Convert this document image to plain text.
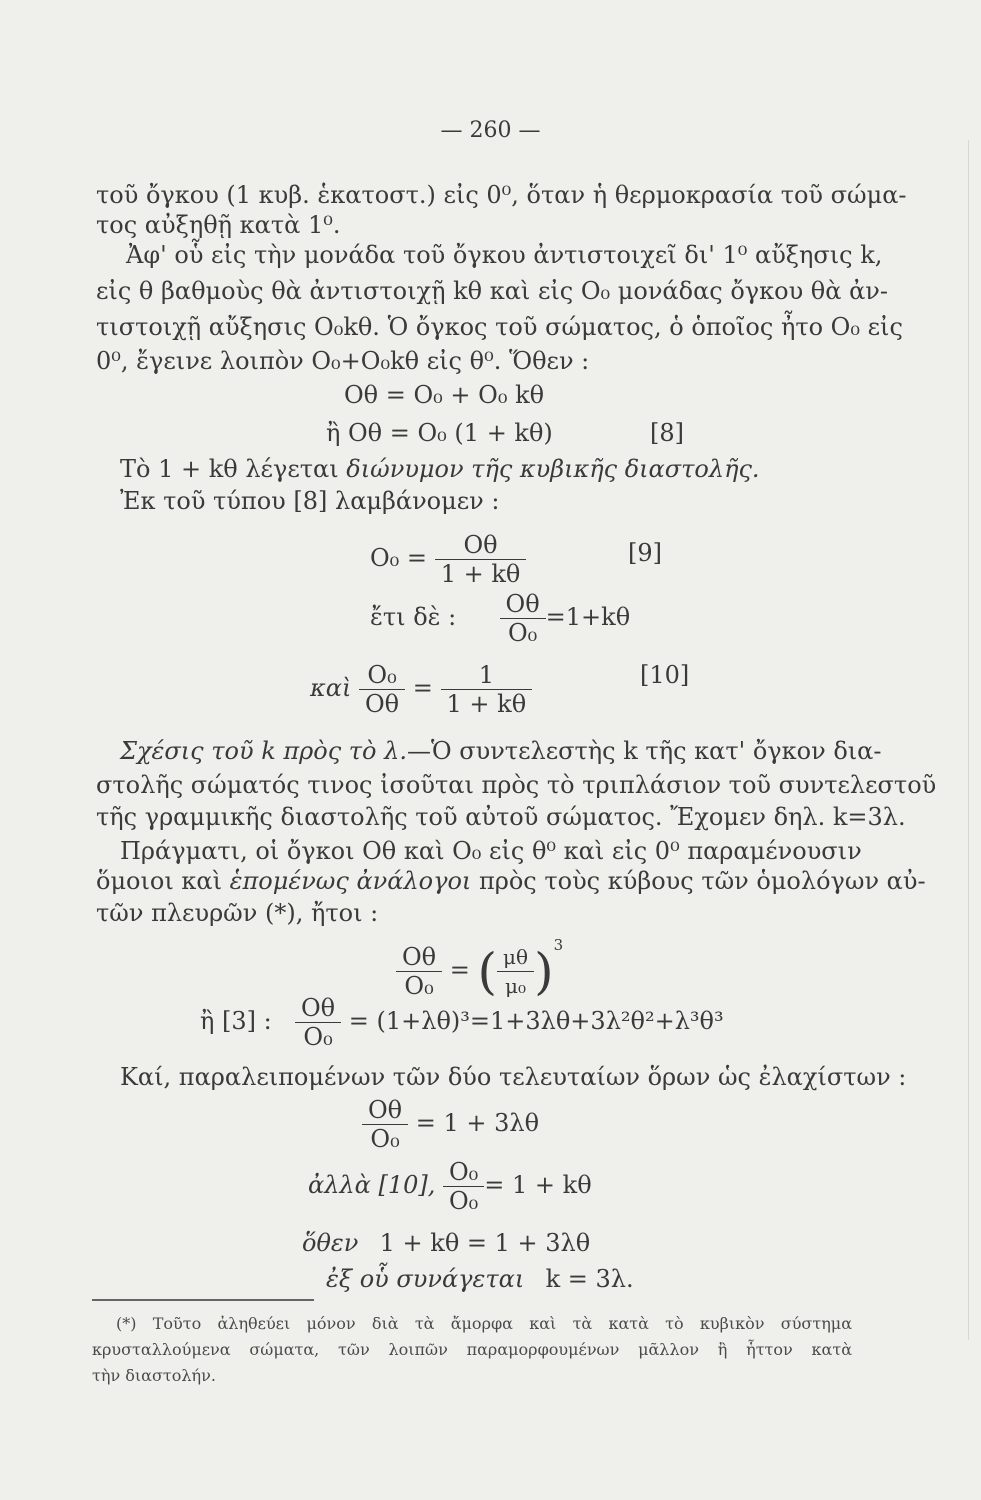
— 260 —
τοῦ ὄγκου (1 κυβ. ἑκατοστ.) εἰς 0⁰, ὅταν ἡ θερμοκρασία τοῦ σώμα-
τος αὐξηθῇ κατὰ 1⁰.
Ἀφ' οὗ εἰς τὴν μονάδα τοῦ ὄγκου ἀντιστοιχεῖ δι' 1⁰ αὔξησις k,
εἰς θ βαθμοὺς θὰ ἀντιστοιχῇ kθ καὶ εἰς O₀ μονάδας ὄγκου θὰ ἀν-
τιστοιχῇ αὔξησις O₀kθ. Ὁ ὄγκος τοῦ σώματος, ὁ ὁποῖος ἦτο O₀ εἰς
0⁰, ἔγεινε λοιπὸν O₀+O₀kθ εἰς θ⁰. Ὅθεν :
Oθ = O₀ + O₀ kθ
ἢ Oθ = O₀ (1 + kθ)	[8]
Τὸ 1 + kθ λέγεται διώνυμον τῆς κυβικῆς διαστολῆς.
Ἐκ τοῦ τύπου [8] λαμβάνομεν :
$O_0 = \frac{O\theta}{1 + k\theta}$	[9]
ἔτι δὲ : $\frac{O\theta}{\text{O₀}} =1+k\theta$
καὶ $\frac{\text{O₀}}{O\theta} = \frac{1}{1 + k\theta}$	[10]
Σχέσις τοῦ k πρὸς τὸ λ.—Ὁ συντελεστὴς k τῆς κατ' ὄγκον δια-
στολῆς σώματός τινος ἰσοῦται πρὸς τὸ τριπλάσιον τοῦ συντελεστοῦ
τῆς γραμμικῆς διαστολῆς τοῦ αὐτοῦ σώματος. Ἔχομεν δηλ. k=3λ.
Πράγματι, οἱ ὄγκοι Oθ καὶ O₀ εἰς θ⁰ καὶ εἰς 0⁰ παραμένουσιν
ὅμοιοι καὶ ἑπομένως ἀνάλογοι πρὸς τοὺς κύβους τῶν ὁμολόγων αὐ-
τῶν πλευρῶν (*), ἤτοι :
$\frac{O\theta}{\text{O₀}}$ = ( $\frac{\mu\theta}{\text{μ₀}} )^3$
ἢ [3] : $\frac{O\theta}{\text{O₀}} = (1+\lambda\theta)^3=1+3\lambda\theta+3\lambda^2\theta^2+\lambda^3\theta^3$
Καί, παραλειπομένων τῶν δύο τελευταίων ὅρων ὡς ἐλαχίστων :
$\frac{O\theta}{\text{O₀}} = 1 + 3\lambda\theta$
ἀλλὰ [10], $\frac{\text{O₀}}{\text{O₀}} = 1 + k\theta$
ὅθεν 1 + kθ = 1 + 3λθ
ἐξ οὗ συνάγεται k = 3λ.
(*) Τοῦτο ἀληθεύει μόνον διὰ τὰ ἄμορφα καὶ τὰ κατὰ τὸ κυβικὸν σύστημα
κρυσταλλούμενα σώματα, τῶν λοιπῶν παραμορφουμένων μᾶλλον ἢ ἧττον κατὰ
τὴν διαστολήν.
